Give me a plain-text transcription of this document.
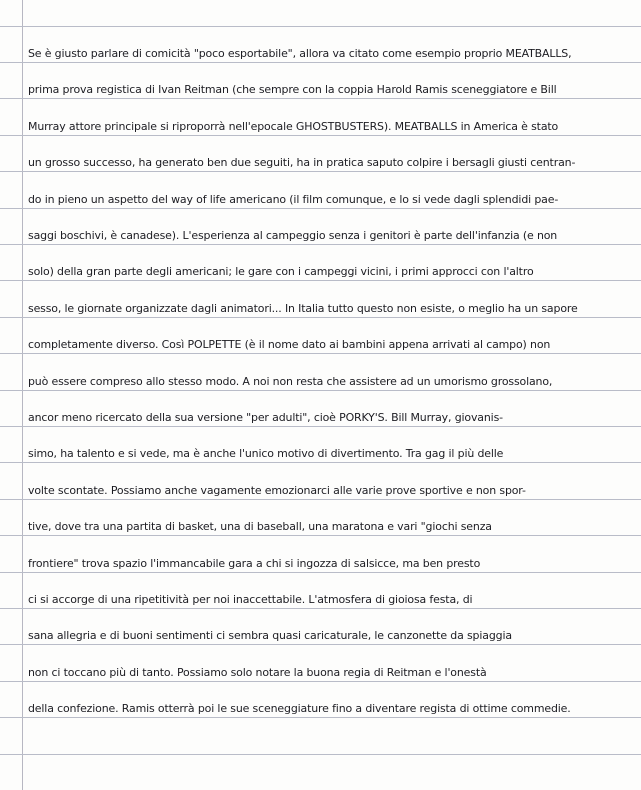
Se è giusto parlare di comicità "poco esportabile", allora va citato come esempio proprio MEATBALLS,
prima prova registica di Ivan Reitman (che sempre con la coppia Harold Ramis sceneggiatore e Bill
Murray attore principale si riproporrà nell'epocale GHOSTBUSTERS). MEATBALLS in America è stato
un grosso successo, ha generato ben due seguiti, ha in pratica saputo colpire i bersagli giusti centran-
do in pieno un aspetto del way of life americano (il film comunque, e lo si vede dagli splendidi pae-
saggi boschivi, è canadese). L'esperienza al campeggio senza i genitori è parte dell'infanzia (e non
solo) della gran parte degli americani; le gare con i campeggi vicini, i primi approcci con l'altro
sesso, le giornate organizzate dagli animatori... In Italia tutto questo non esiste, o meglio ha un sapore
completamente diverso. Così POLPETTE (è il nome dato ai bambini appena arrivati al campo) non
può essere compreso allo stesso modo. A noi non resta che assistere ad un umorismo grossolano,
ancor meno ricercato della sua versione "per adulti", cioè PORKY'S. Bill Murray, giovanis-
simo, ha talento e si vede, ma è anche l'unico motivo di divertimento. Tra gag il più delle
volte scontate. Possiamo anche vagamente emozionarci alle varie prove sportive e non spor-
tive, dove tra una partita di basket, una di baseball, una maratona e vari "giochi senza
frontiere" trova spazio l'immancabile gara a chi si ingozza di salsicce, ma ben presto
ci si accorge di una ripetitività per noi inaccettabile. L'atmosfera di gioiosa festa, di
sana allegria e di buoni sentimenti ci sembra quasi caricaturale, le canzonette da spiaggia
non ci toccano più di tanto. Possiamo solo notare la buona regia di Reitman e l'onestà
della confezione. Ramis otterrà poi le sue sceneggiature fino a diventare regista di ottime commedie.
